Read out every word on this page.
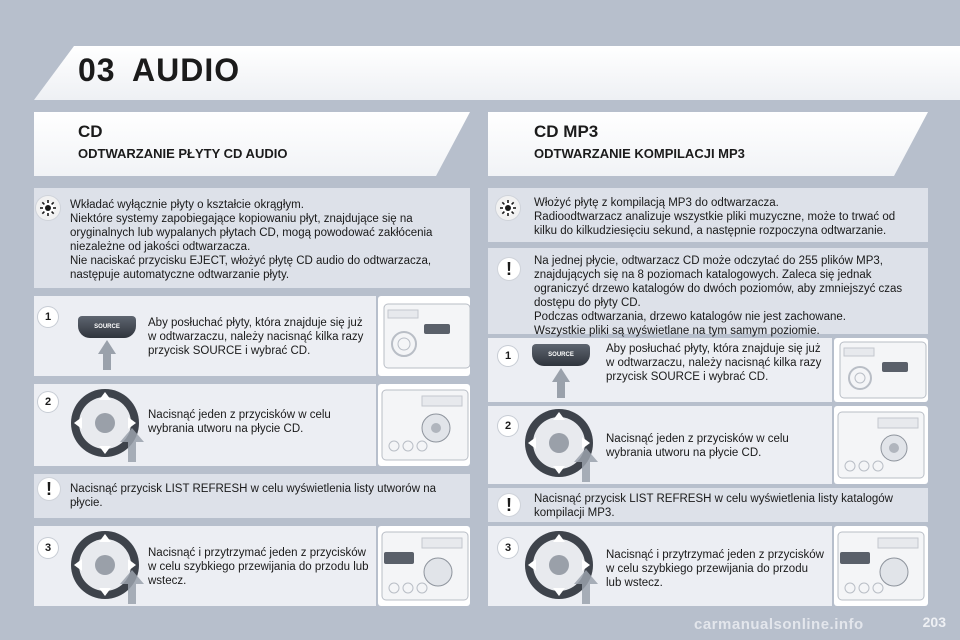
03 AUDIO
CD
ODTWARZANIE PŁYTY CD AUDIO
Wkładać wyłącznie płyty o kształcie okrągłym.
Niektóre systemy zapobiegające kopiowaniu płyt, znajdujące się na oryginalnych lub wypalanych płytach CD, mogą powodować zakłócenia niezależne od jakości odtwarzacza.
Nie naciskać przycisku EJECT, włożyć płytę CD audio do odtwarzacza, następuje automatyczne odtwarzanie płyty.
1
SOURCE	Aby posłuchać płyty, która znajduje się już w odtwarzaczu, należy nacisnąć kilka razy przycisk SOURCE i wybrać CD.
2
Nacisnąć jeden z przycisków w celu wybrania utworu na płycie CD.
!	Nacisnąć przycisk LIST REFRESH w celu wyświetlenia listy utworów na płycie.
3	Nacisnąć i przytrzymać jeden z przycisków w celu szybkiego przewijania do przodu lub wstecz.
CD MP3
ODTWARZANIE KOMPILACJI MP3
Włożyć płytę z kompilacją MP3 do odtwarzacza.
Radioodtwarzacz analizuje wszystkie pliki muzyczne, może to trwać od kilku do kilkudziesięciu sekund, a następnie rozpoczyna odtwarzanie.
!	Na jednej płycie, odtwarzacz CD może odczytać do 255 plików MP3, znajdujących się na 8 poziomach katalogowych. Zaleca się jednak ograniczyć drzewo katalogów do dwóch poziomów, aby zmniejszyć czas dostępu do płyty CD.
Podczas odtwarzania, drzewo katalogów nie jest zachowane.
Wszystkie pliki są wyświetlane na tym samym poziomie.
1	SOURCE	Aby posłuchać płyty, która znajduje się już w odtwarzaczu, należy nacisnąć kilka razy przycisk SOURCE i wybrać CD.
2
Nacisnąć jeden z przycisków w celu wybrania utworu na płycie CD.
!	Nacisnąć przycisk LIST REFRESH w celu wyświetlenia listy katalogów kompilacji MP3.
3
Nacisnąć i przytrzymać jeden z przycisków w celu szybkiego przewijania do przodu lub wstecz.
carmanualsonline.info	203
